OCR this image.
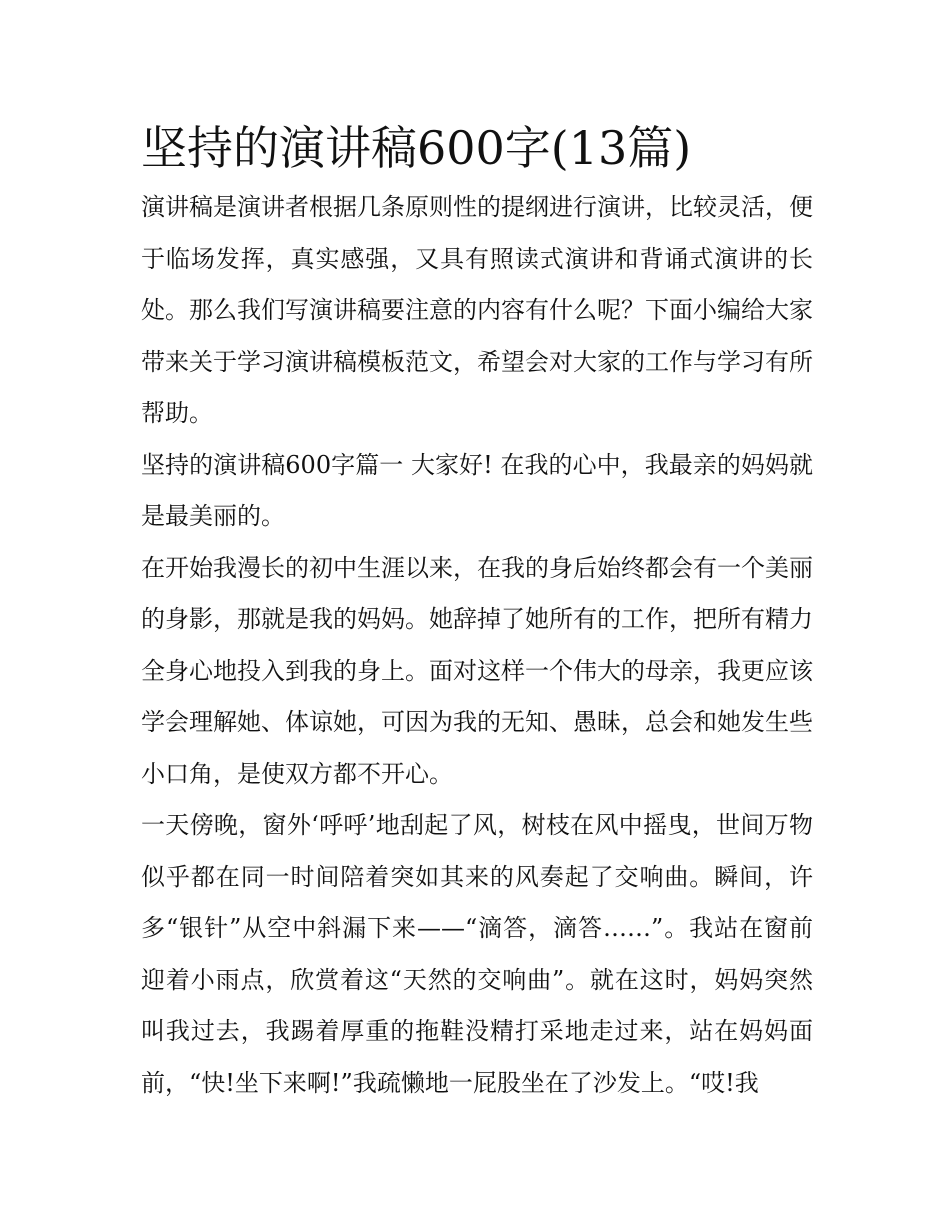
坚持的演讲稿600字(13篇)

演讲稿是演讲者根据几条原则性的提纲进行演讲，比较灵活，便于临场发挥，真实感强，又具有照读式演讲和背诵式演讲的长处。那么我们写演讲稿要注意的内容有什么呢？下面小编给大家带来关于学习演讲稿模板范文，希望会对大家的工作与学习有所帮助。

坚持的演讲稿600字篇一 大家好! 在我的心中，我最亲的妈妈就是最美丽的。

在开始我漫长的初中生涯以来，在我的身后始终都会有一个美丽的身影，那就是我的妈妈。她辞掉了她所有的工作，把所有精力全身心地投入到我的身上。面对这样一个伟大的母亲，我更应该学会理解她、体谅她，可因为我的无知、愚昧，总会和她发生些小口角，是使双方都不开心。

一天傍晚，窗外‘呼呼’地刮起了风，树枝在风中摇曳，世间万物似乎都在同一时间陪着突如其来的风奏起了交响曲。瞬间，许多“银针”从空中斜漏下来——“滴答，滴答……”。我站在窗前迎着小雨点，欣赏着这“天然的交响曲”。就在这时，妈妈突然叫我过去，我踢着厚重的拖鞋没精打采地走过来，站在妈妈面前，“快!坐下来啊!”我疏懒地一屁股坐在了沙发上。“哎!我
